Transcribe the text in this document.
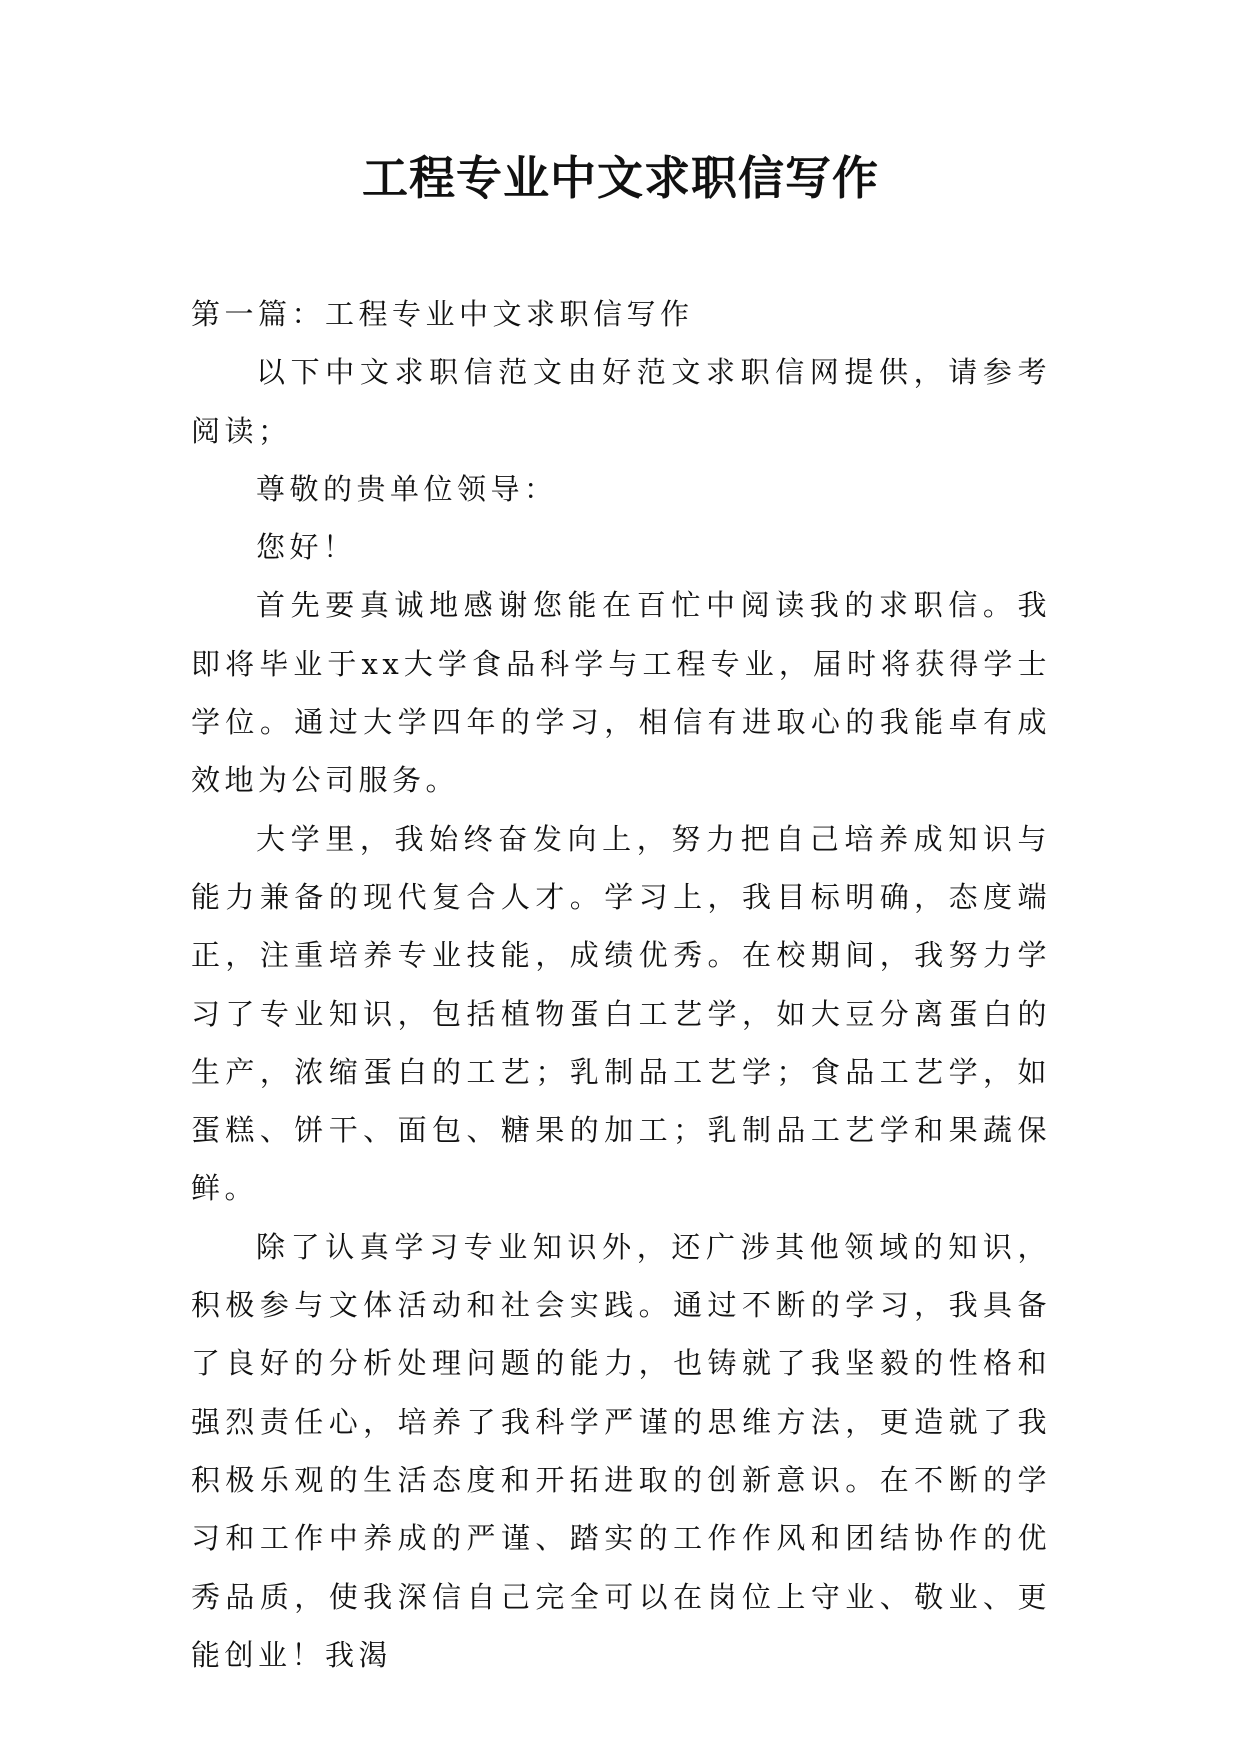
工程专业中文求职信写作

第一篇：工程专业中文求职信写作

以下中文求职信范文由好范文求职信网提供，请参考阅读；

尊敬的贵单位领导：

您好！

首先要真诚地感谢您能在百忙中阅读我的求职信。我即将毕业于xx大学食品科学与工程专业，届时将获得学士学位。通过大学四年的学习，相信有进取心的我能卓有成效地为公司服务。

大学里，我始终奋发向上，努力把自己培养成知识与能力兼备的现代复合人才。学习上，我目标明确，态度端正，注重培养专业技能，成绩优秀。在校期间，我努力学习了专业知识，包括植物蛋白工艺学，如大豆分离蛋白的生产，浓缩蛋白的工艺；乳制品工艺学；食品工艺学，如蛋糕、饼干、面包、糖果的加工；乳制品工艺学和果蔬保鲜。

除了认真学习专业知识外，还广涉其他领域的知识，积极参与文体活动和社会实践。通过不断的学习，我具备了良好的分析处理问题的能力，也铸就了我坚毅的性格和强烈责任心，培养了我科学严谨的思维方法，更造就了我积极乐观的生活态度和开拓进取的创新意识。在不断的学习和工作中养成的严谨、踏实的工作作风和团结协作的优秀品质，使我深信自己完全可以在岗位上守业、敬业、更能创业！我渴
